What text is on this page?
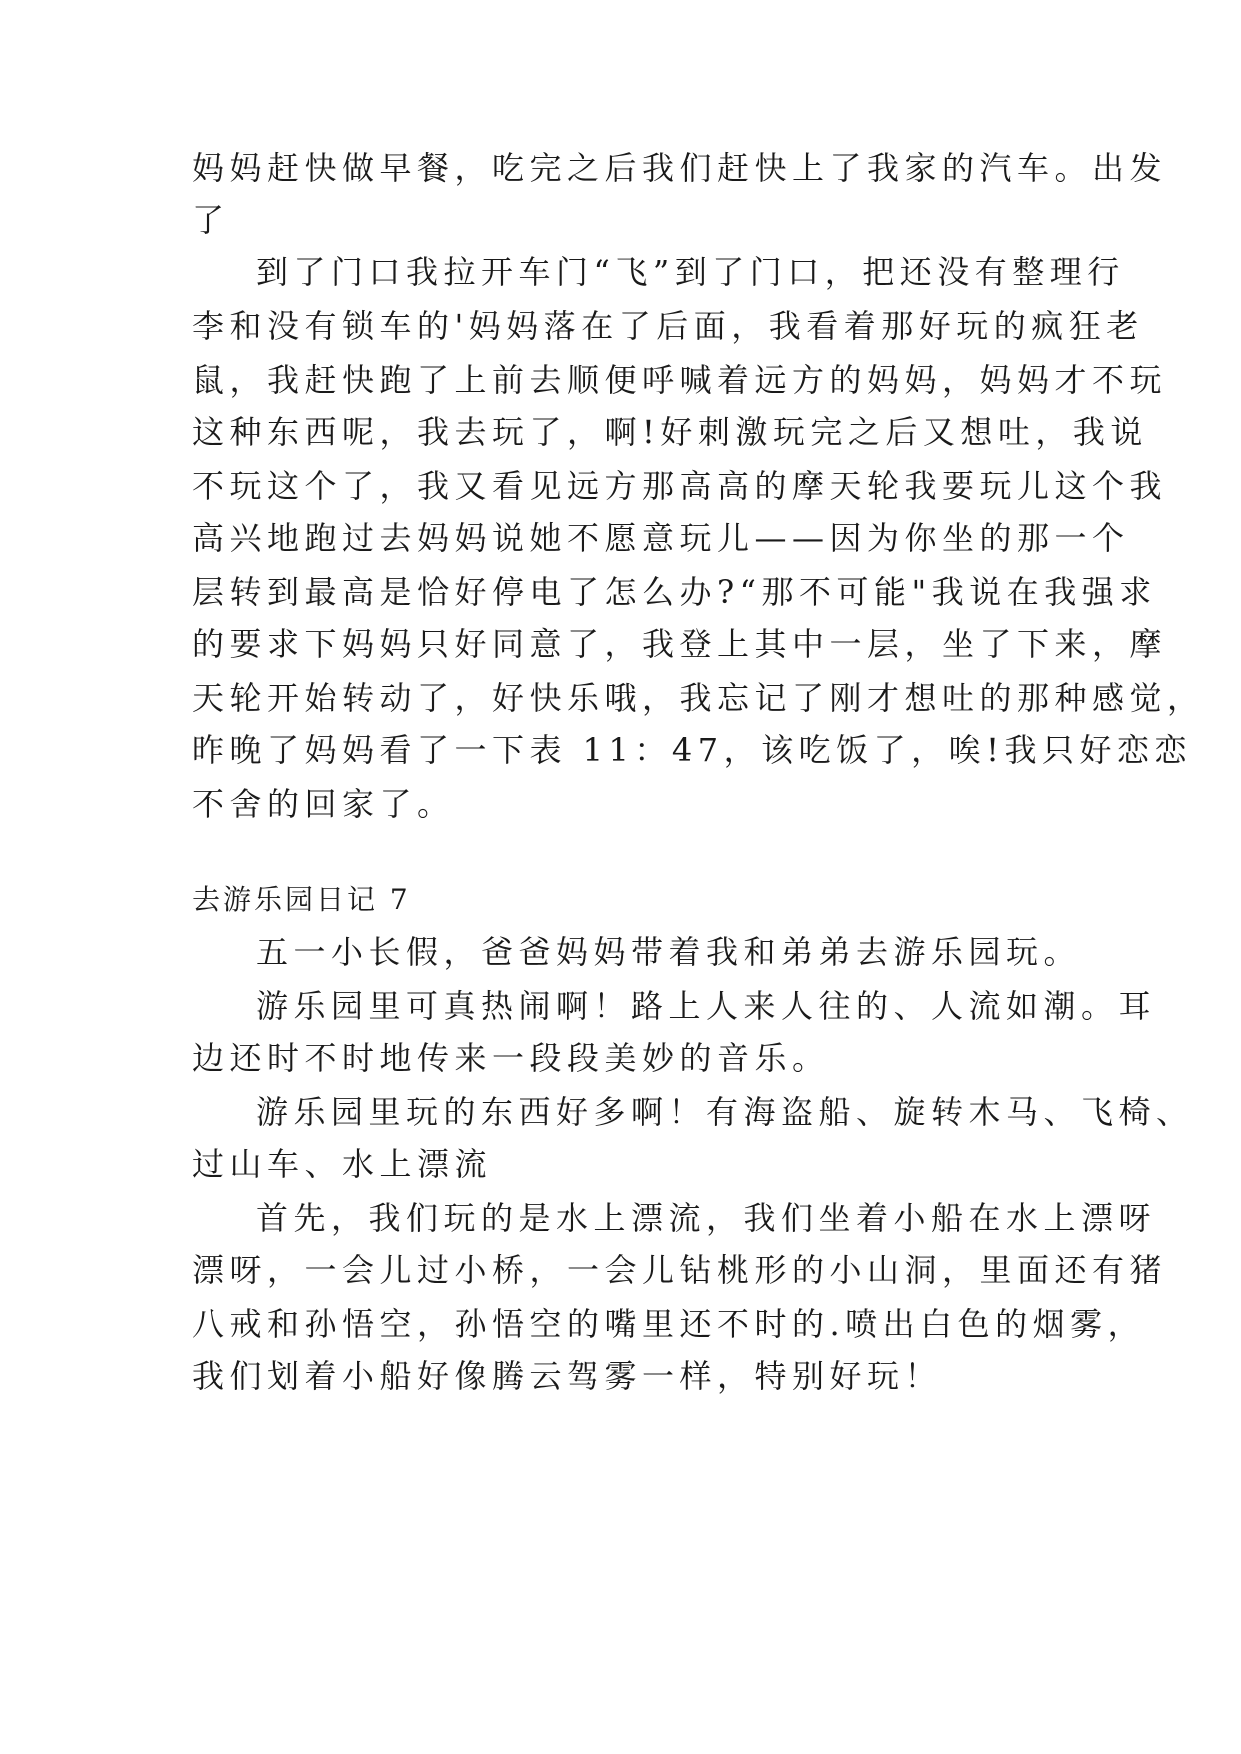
妈妈赶快做早餐，吃完之后我们赶快上了我家的汽车。出发
了
到了门口我拉开车门“飞”到了门口，把还没有整理行
李和没有锁车的'妈妈落在了后面，我看着那好玩的疯狂老
鼠，我赶快跑了上前去顺便呼喊着远方的妈妈，妈妈才不玩
这种东西呢，我去玩了，啊!好刺激玩完之后又想吐，我说
不玩这个了，我又看见远方那高高的摩天轮我要玩儿这个我
高兴地跑过去妈妈说她不愿意玩儿——因为你坐的那一个
层转到最高是恰好停电了怎么办?“那不可能"我说在我强求
的要求下妈妈只好同意了，我登上其中一层，坐了下来，摩
天轮开始转动了，好快乐哦，我忘记了刚才想吐的那种感觉，
昨晚了妈妈看了一下表 11：47，该吃饭了，唉!我只好恋恋
不舍的回家了。
去游乐园日记 7
五一小长假，爸爸妈妈带着我和弟弟去游乐园玩。
游乐园里可真热闹啊！路上人来人往的、人流如潮。耳
边还时不时地传来一段段美妙的音乐。
游乐园里玩的东西好多啊！有海盗船、旋转木马、飞椅、
过山车、水上漂流
首先，我们玩的是水上漂流，我们坐着小船在水上漂呀
漂呀，一会儿过小桥，一会儿钻桃形的小山洞，里面还有猪
八戒和孙悟空，孙悟空的嘴里还不时的.喷出白色的烟雾，
我们划着小船好像腾云驾雾一样，特别好玩！
